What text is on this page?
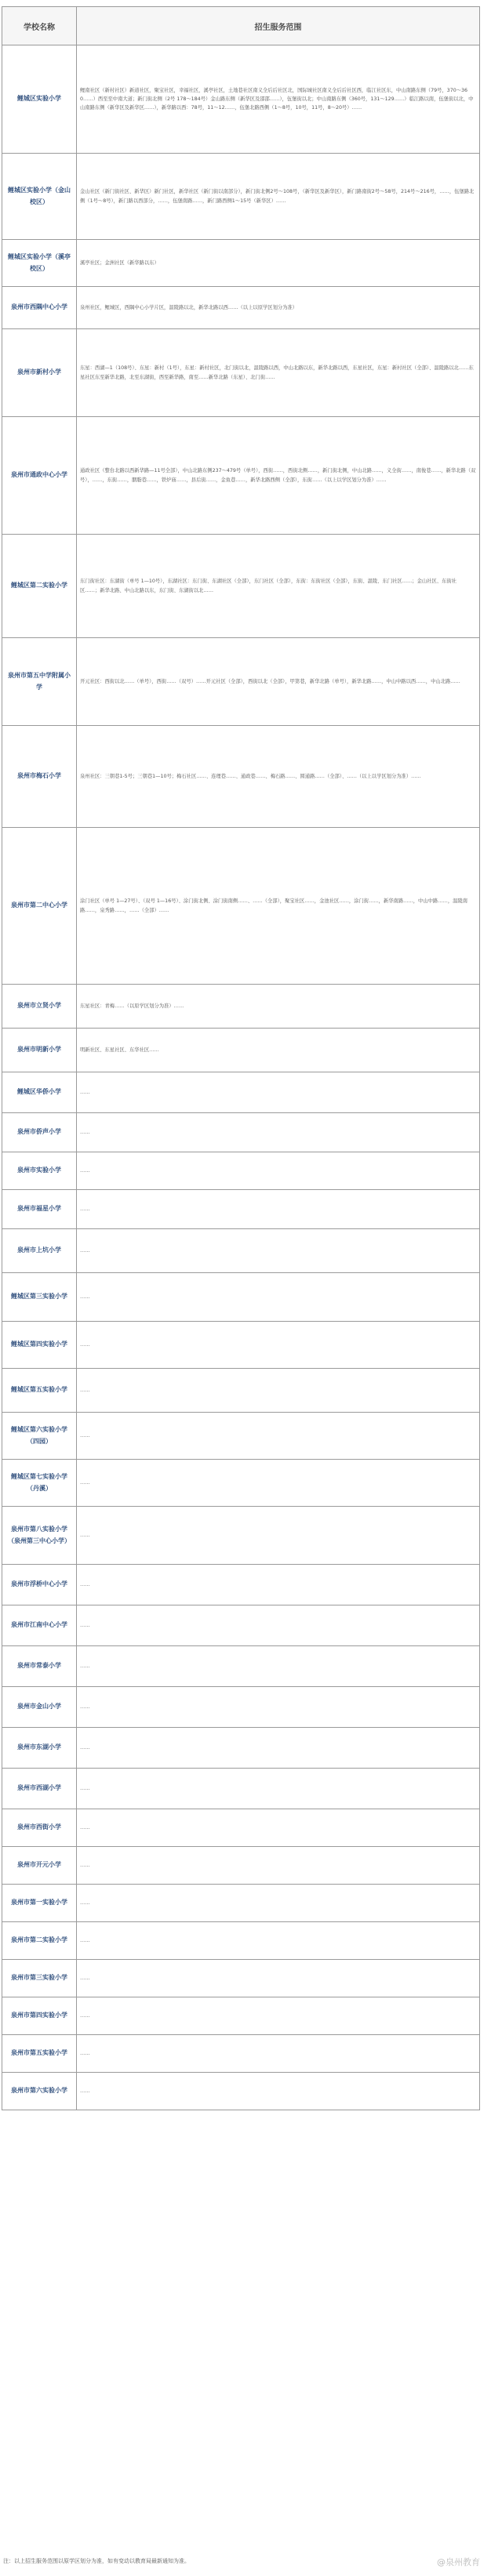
学校名称	招生服务范围
鲤城区实验小学	鲤南社区（新村社区）新道社区，聚宝社区，幸福社区，溪亭社区，土地巷社区南义全后后社区北，国际城社区南义全后后社区西，临江社区东，中山南路东侧（79号，370～360……）西至至中南大道；新门街北侧（2号 178～184号）金山路东侧（新华区及邵邵……），伍堡街以北；中山南路东侧（360号，131～129……）临江路以南，伍堡街以北，中山南路东侧（新华区及新华区……），新华路以西：78号，11～12……，伍堡北路西侧（1～8号，10号，11号，8～20号）……
鲤城区实验小学（金山校区）	金山社区（新门街社区、新华区）新门社区，新华社区（新门街以南部分），新门街北侧2号～108号，（新华区及新华区），新门路南街2号～58号，214号～216号，……，伍堡路北侧（1号～8号），新门路以西部分，……，伍堡南路……，新门路西侧1～15号（新华区）……
鲤城区实验小学（溪亭校区）	溪亭社区；金洲社区（新华路以东）
泉州市西隅中心小学	泉州社区，鲤城区，西隅中心小学片区，温陵路以北，新华北路以西……（以上以原学区划分为准）
泉州市新村小学	东星：西湖—1（108号）、东星：新村（1号），东星：新村社区，北门街以北，温陵路以西，中山北路以东，新华北路以西，东星社区，东星：新村社区（全部）、温陵路以北……东星社区东至新华北路，北至东湖街，西至新华路，南至……新华北路（东星）、北门街……
泉州市通政中心小学	通政社区（整台北路以西新华路—11号全部），中山北路东侧237～479号（单号），西街……，西街北侧……，新门街北侧，中山北路……，义全街……，南俊巷……，新华北路（双号），……，东街……，胭脂巷……，铁炉庙……，县后街……，金鱼巷……，新华北路西侧（全部），东街……（以上以学区划分为准）……
鲤城区第二实验小学	东门街社区：东湖街（单号 1—10号），东湖社区：东门街、东湖社区（全部），东门社区（全部），东街：东街社区（全部），东街、温陵、东门社区……；金山社区、东街社区……；新华北路、中山北路以东，东门街、东湖街以北……
泉州市第五中学附属小学	开元社区：西街以北……（单号），西街……（双号）……开元社区（全部），西街以北（全部），甲第巷，新华北路（单号），新华北路……，中山中路以西……，中山北路……
泉州市梅石小学	泉州社区：三朝巷1-5号；三朝巷1—10号；梅石社区……、连理巷……、通政巷……、梅石路……、圆通路……（全部）、……（以上以学区划分为准）……
泉州市第二中心小学	涂门社区（单号 1—27号）、（双号 1—16号）、涂门街北侧、涂门街南侧……、……（全部），聚宝社区……，金池社区……，涂门街……，新华南路……，中山中路……，温陵南路……，泉秀路……，……（全部）……
泉州市立贤小学	东星社区：青梅……（以原学区划分为准）……
泉州市明新小学	明新社区、东星社区、东华社区……
鲤城区华侨小学	……
泉州市侨声小学	……
泉州市实验小学	……
泉州市福星小学	……
泉州市上坑小学	……
鲤城区第三实验小学	……
鲤城区第四实验小学	……
鲤城区第五实验小学	……
鲤城区第六实验小学（四园）	……
鲤城区第七实验小学（丹溪）	……
泉州市第八实验小学（泉州第三中心小学）	……
泉州市浮桥中心小学	……
泉州市江南中心小学	……
泉州市常泰小学	……
泉州市金山小学	……
泉州市东湖小学	……
泉州市西湖小学	……
泉州市西街小学	……
泉州市开元小学	……
泉州市第一实验小学	……
泉州市第二实验小学	……
泉州市第三实验小学	……
泉州市第四实验小学	……
泉州市第五实验小学	……
泉州市第六实验小学	……
注：以上招生服务范围以原学区划分为准，如有变动以教育局最新通知为准。	@泉州教育
